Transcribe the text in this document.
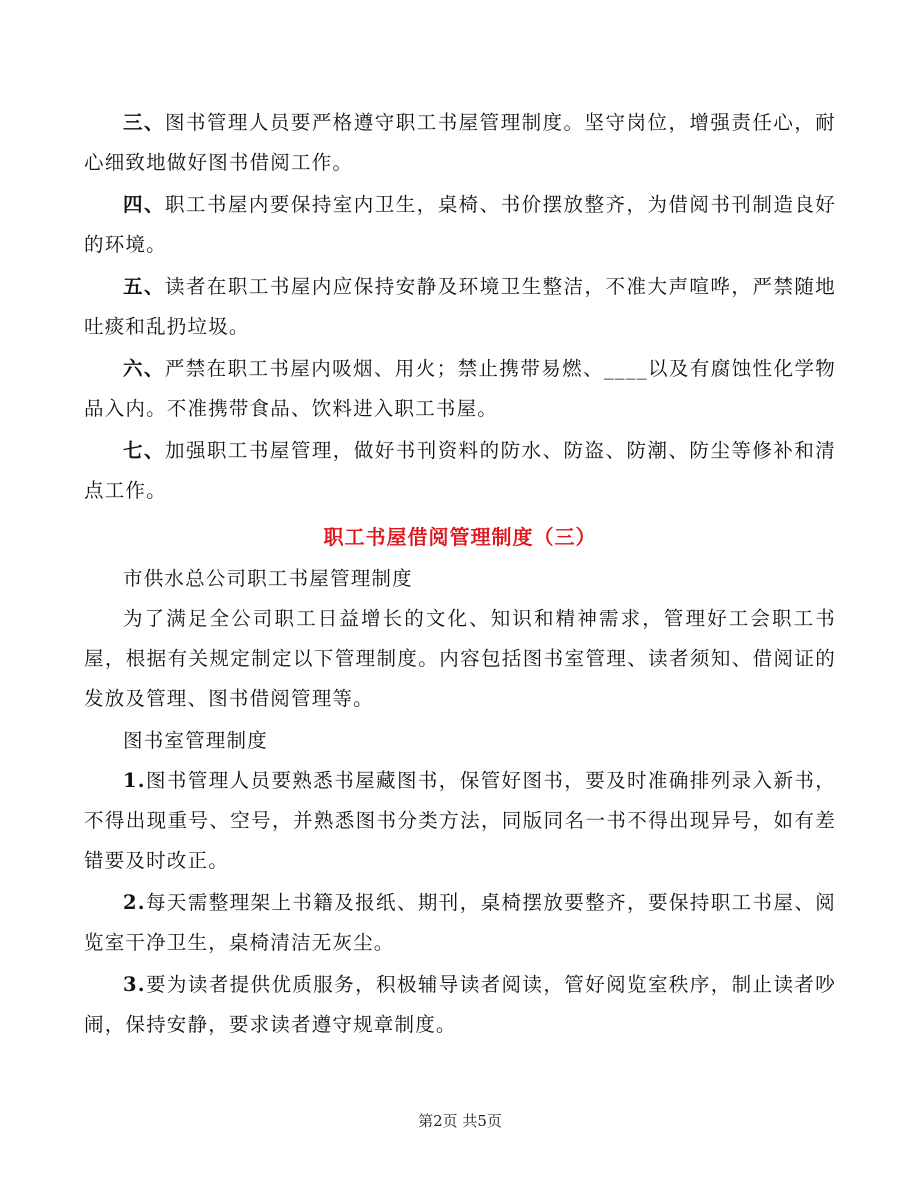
三、图书管理人员要严格遵守职工书屋管理制度。坚守岗位，增强责任心，耐心细致地做好图书借阅工作。

四、职工书屋内要保持室内卫生，桌椅、书价摆放整齐，为借阅书刊制造良好的环境。

五、读者在职工书屋内应保持安静及环境卫生整洁，不准大声喧哗，严禁随地吐痰和乱扔垃圾。

六、严禁在职工书屋内吸烟、用火；禁止携带易燃、____以及有腐蚀性化学物品入内。不准携带食品、饮料进入职工书屋。

七、加强职工书屋管理，做好书刊资料的防水、防盗、防潮、防尘等修补和清点工作。

职工书屋借阅管理制度（三）

市供水总公司职工书屋管理制度

为了满足全公司职工日益增长的文化、知识和精神需求，管理好工会职工书屋，根据有关规定制定以下管理制度。内容包括图书室管理、读者须知、借阅证的发放及管理、图书借阅管理等。

图书室管理制度

1.图书管理人员要熟悉书屋藏图书，保管好图书，要及时准确排列录入新书，不得出现重号、空号，并熟悉图书分类方法，同版同名一书不得出现异号，如有差错要及时改正。

2.每天需整理架上书籍及报纸、期刊，桌椅摆放要整齐，要保持职工书屋、阅览室干净卫生，桌椅清洁无灰尘。

3.要为读者提供优质服务，积极辅导读者阅读，管好阅览室秩序，制止读者吵闹，保持安静，要求读者遵守规章制度。

第2页 共5页
